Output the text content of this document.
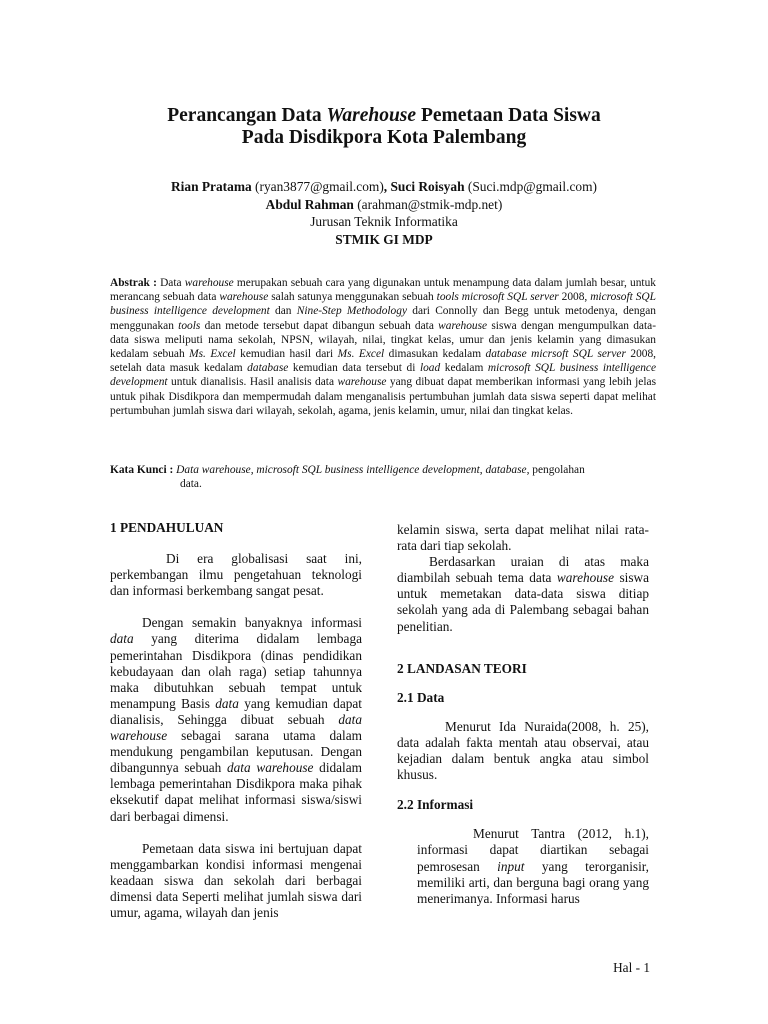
Perancangan Data Warehouse Pemetaan Data Siswa
Pada Disdikpora Kota Palembang
Rian Pratama (ryan3877@gmail.com), Suci Roisyah (Suci.mdp@gmail.com)
Abdul Rahman (arahman@stmik-mdp.net)
Jurusan Teknik Informatika
STMIK GI MDP
Abstrak : Data warehouse merupakan sebuah cara yang digunakan untuk menampung data dalam jumlah besar, untuk merancang sebuah data warehouse salah satunya menggunakan sebuah tools microsoft SQL server 2008, microsoft SQL business intelligence development dan Nine-Step Methodology dari Connolly dan Begg untuk metodenya, dengan menggunakan tools dan metode tersebut dapat dibangun sebuah data warehouse siswa dengan mengumpulkan data-data siswa meliputi nama sekolah, NPSN, wilayah, nilai, tingkat kelas, umur dan jenis kelamin yang dimasukan kedalam sebuah Ms. Excel kemudian hasil dari Ms. Excel dimasukan kedalam database micrsoft SQL server 2008, setelah data masuk kedalam database kemudian data tersebut di load kedalam microsoft SQL business intelligence development untuk dianalisis. Hasil analisis data warehouse yang dibuat dapat memberikan informasi yang lebih jelas untuk pihak Disdikpora dan mempermudah dalam menganalisis pertumbuhan jumlah data siswa seperti dapat melihat pertumbuhan jumlah siswa dari wilayah, sekolah, agama, jenis kelamin, umur, nilai dan tingkat kelas.
Kata Kunci : Data warehouse, microsoft SQL business intelligence development, database, pengolahan
data.
1 PENDAHULUAN

Di era globalisasi saat ini, perkembangan ilmu pengetahuan teknologi dan informasi berkembang sangat pesat.

Dengan semakin banyaknya informasi data yang diterima didalam lembaga pemerintahan Disdikpora (dinas pendidikan kebudayaan dan olah raga) setiap tahunnya maka dibutuhkan sebuah tempat untuk menampung Basis data yang kemudian dapat dianalisis, Sehingga dibuat sebuah data warehouse sebagai sarana utama dalam mendukung pengambilan keputusan. Dengan dibangunnya sebuah data warehouse didalam lembaga pemerintahan Disdikpora maka pihak eksekutif dapat melihat informasi siswa/siswi dari berbagai dimensi.

Pemetaan data siswa ini bertujuan dapat menggambarkan kondisi informasi mengenai keadaan siswa dan sekolah dari berbagai dimensi data Seperti melihat jumlah siswa dari umur, agama, wilayah dan jenis

kelamin siswa, serta dapat melihat nilai rata-rata dari tiap sekolah.

Berdasarkan uraian di atas maka diambilah sebuah tema data warehouse siswa untuk memetakan data-data siswa ditiap sekolah yang ada di Palembang sebagai bahan penelitian.

2 LANDASAN TEORI
2.1 Data

Menurut Ida Nuraida(2008, h. 25), data adalah fakta mentah atau observai, atau kejadian dalam bentuk angka atau simbol khusus.

2.2 Informasi

Menurut Tantra (2012, h.1), informasi dapat diartikan sebagai pemrosesan input yang terorganisir, memiliki arti, dan berguna bagi orang yang menerimanya. Informasi harus

Hal - 1
